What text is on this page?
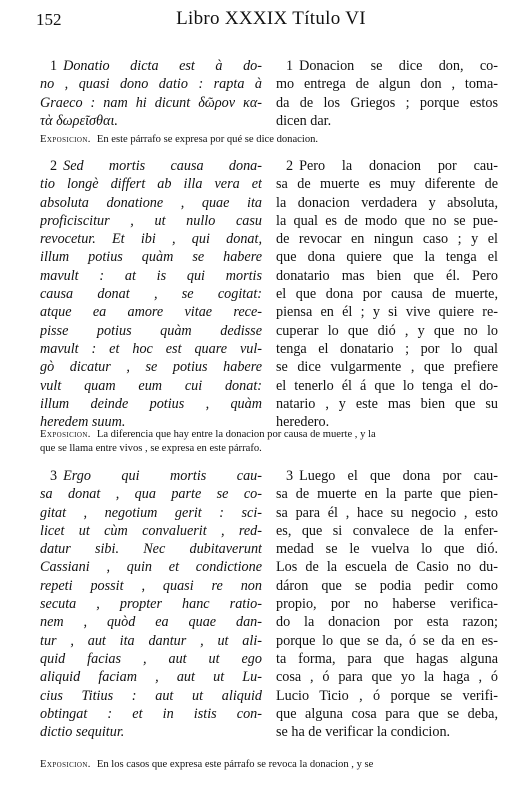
152	Libro XXXIX Título VI
1 Donatio dicta est à do-
no , quasi dono datio : rapta à
Graeco : nam hi dicunt δῶρον κα-
τὰ δωρεῖσθαι.
1 Donacion se dice don, co-
mo entrega de algun don , toma-
da de los Griegos ; porque estos
dicen dar.
Exposicion. En este párrafo se expresa por qué se dice donacion.
2 Sed mortis causa dona-
tio longè differt ab illa vera et
absoluta donatione , quae ita
proficiscitur , ut nullo casu
revocetur. Et ibi , qui donat,
illum potius quàm se habere
mavult : at is qui mortis
causa donat , se cogitat:
atque ea amore vitae rece-
pisse potius quàm dedisse
mavult : et hoc est quare vul-
gò dicatur , se potius habere
vult quam eum cui donat:
illum deinde potius , quàm
heredem suum.
2 Pero la donacion por cau-
sa de muerte es muy diferente de
la donacion verdadera y absoluta,
la qual es de modo que no se pue-
de revocar en ningun caso ; y el
que dona quiere que la tenga el
donatario mas bien que él. Pero
el que dona por causa de muerte,
piensa en él ; y si vive quiere re-
cuperar lo que dió , y que no lo
tenga el donatario ; por lo qual
se dice vulgarmente , que prefiere
el tenerlo él á que lo tenga el do-
natario , y este mas bien que su
heredero.
Exposicion. La diferencia que hay entre la donacion por causa de muerte , y la
que se llama entre vivos , se expresa en este párrafo.
3 Ergo qui mortis cau-
sa donat , qua parte se co-
gitat , negotium gerit : sci-
licet ut cùm convaluerit , red-
datur sibi. Nec dubitaverunt
Cassiani , quin et condictione
repeti possit , quasi re non
secuta , propter hanc ratio-
nem , quòd ea quae dan-
tur , aut ita dantur , ut ali-
quid facias , aut ut ego
aliquid faciam , aut ut Lu-
cius Titius : aut ut aliquid
obtingat : et in istis con-
dictio sequitur.
3 Luego el que dona por cau-
sa de muerte en la parte que pien-
sa para él , hace su negocio , esto
es, que si convalece de la enfer-
medad se le vuelva lo que dió.
Los de la escuela de Casio no du-
dáron que se podia pedir como
propio, por no haberse verifica-
do la donacion por esta razon;
porque lo que se da, ó se da en es-
ta forma, para que hagas alguna
cosa , ó para que yo la haga , ó
Lucio Ticio , ó porque se verifi-
que alguna cosa para que se deba,
se ha de verificar la condicion.
Exposicion. En los casos que expresa este párrafo se revoca la donacion , y se
